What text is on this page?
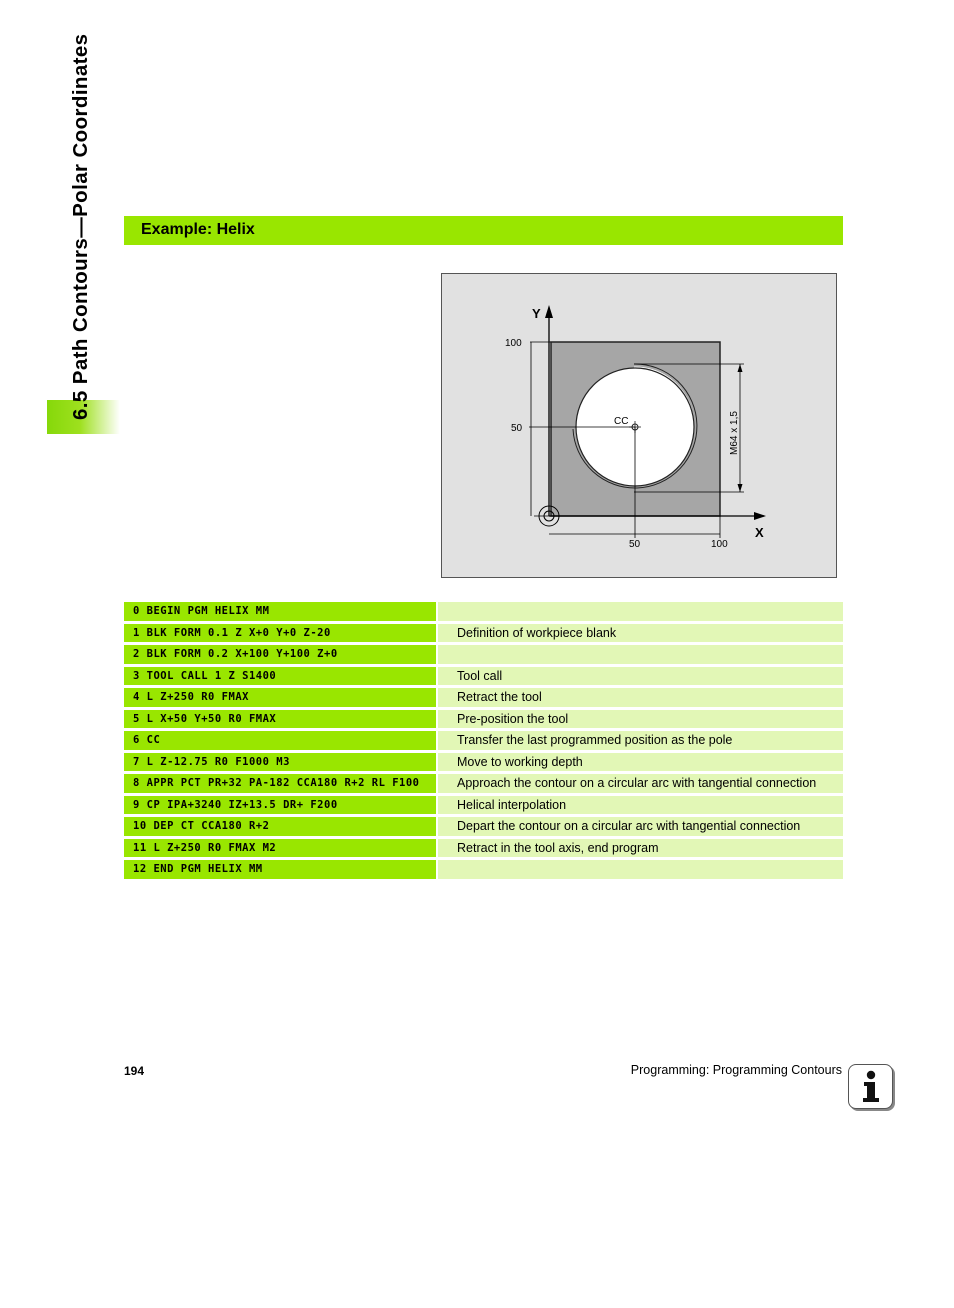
6.5 Path Contours—Polar Coordinates	Example: Helix
Y
X
100
50
50	100
CC	M64 x 1,5
0 BEGIN PGM HELIX MM		
1 BLK FORM 0.1 Z X+0 Y+0 Z-20		Definition of workpiece blank
2 BLK FORM 0.2 X+100 Y+100 Z+0		
3 TOOL CALL 1 Z S1400		Tool call
4 L Z+250 R0 FMAX		Retract the tool
5 L X+50 Y+50 R0 FMAX		Pre-position the tool
6 CC		Transfer the last programmed position as the pole
7 L Z-12.75 R0 F1000 M3		Move to working depth
8 APPR PCT PR+32 PA-182 CCA180 R+2 RL F100		Approach the contour on a circular arc with tangential connection
9 CP IPA+3240 IZ+13.5 DR+ F200		Helical interpolation
10 DEP CT CCA180 R+2		Depart the contour on a circular arc with tangential connection
11 L Z+250 R0 FMAX M2		Retract in the tool axis, end program
12 END PGM HELIX MM		
194	Programming: Programming Contours
